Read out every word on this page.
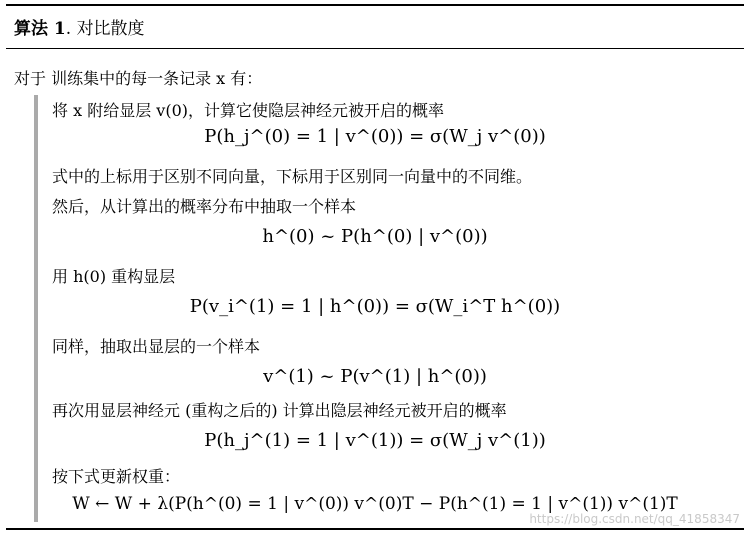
算法 1. 对比散度
对于 训练集中的每一条记录 x 有：
将 x 附给显层 v(0)，计算它使隐层神经元被开启的概率
P(h_j^(0) = 1 | v^(0)) = σ(W_j v^(0))
式中的上标用于区别不同向量，下标用于区别同一向量中的不同维。
然后，从计算出的概率分布中抽取一个样本
h^(0) ~ P(h^(0) | v^(0))
用 h(0) 重构显层
P(v_i^(1) = 1 | h^(0)) = σ(W_i^T h^(0))
同样，抽取出显层的一个样本
v^(1) ~ P(v^(1) | h^(0))
再次用显层神经元 (重构之后的) 计算出隐层神经元被开启的概率
P(h_j^(1) = 1 | v^(1)) = σ(W_j v^(1))
按下式更新权重：
W ← W + λ(P(h^(0) = 1 | v^(0)) v^(0)T − P(h^(1) = 1 | v^(1)) v^(1)T
https://blog.csdn.net/qq_41858347
